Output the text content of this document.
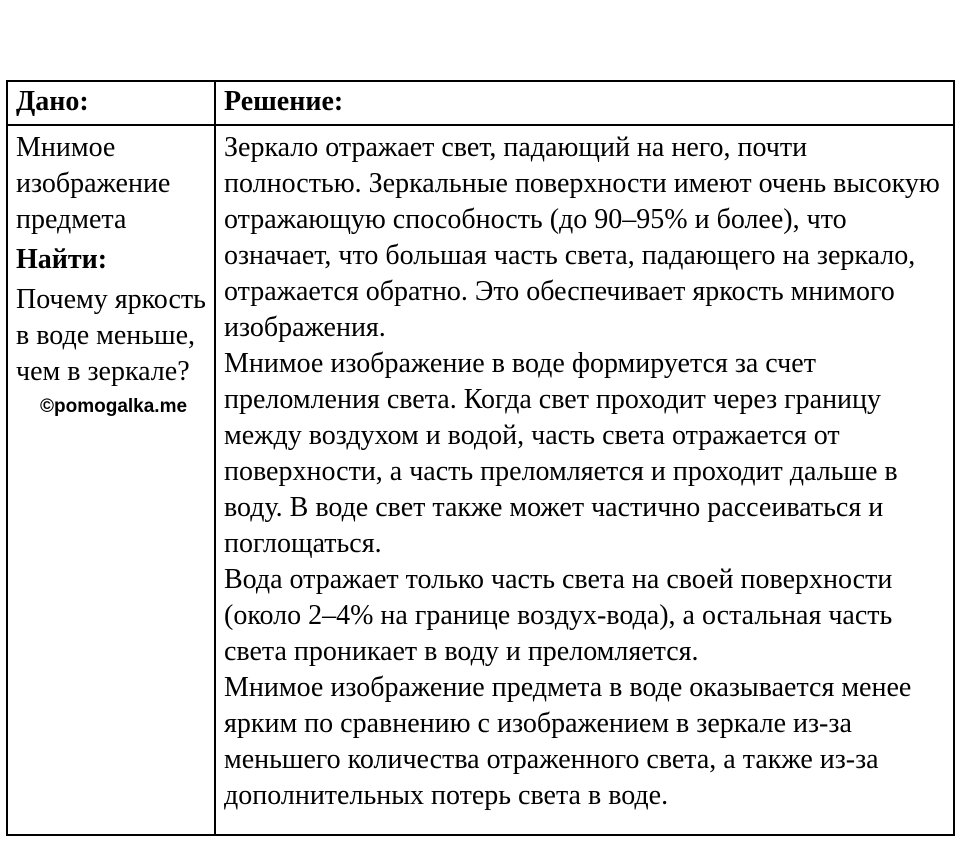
Дано:	Решение:
Мнимое изображение предмета
Найти:
Почему яркость в воде меньше, чем в зеркале?

Зеркало отражает свет, падающий на него, почти полностью. Зеркальные поверхности имеют очень высокую отражающую способность (до 90–95% и более), что означает, что большая часть света, падающего на зеркало, отражается обратно. Это обеспечивает яркость мнимого изображения.

Мнимое изображение в воде формируется за счет преломления света. Когда свет проходит через границу между воздухом и водой, часть света отражается от поверхности, а часть преломляется и проходит дальше в воду. В воде свет также может частично рассеиваться и поглощаться.

Вода отражает только часть света на своей поверхности (около 2–4% на границе воздух-вода), а остальная часть света проникает в воду и преломляется.

Мнимое изображение предмета в воде оказывается менее ярким по сравнению с изображением в зеркале из-за меньшего количества отраженного света, а также из-за дополнительных потерь света в воде.

©pomogalka.me
